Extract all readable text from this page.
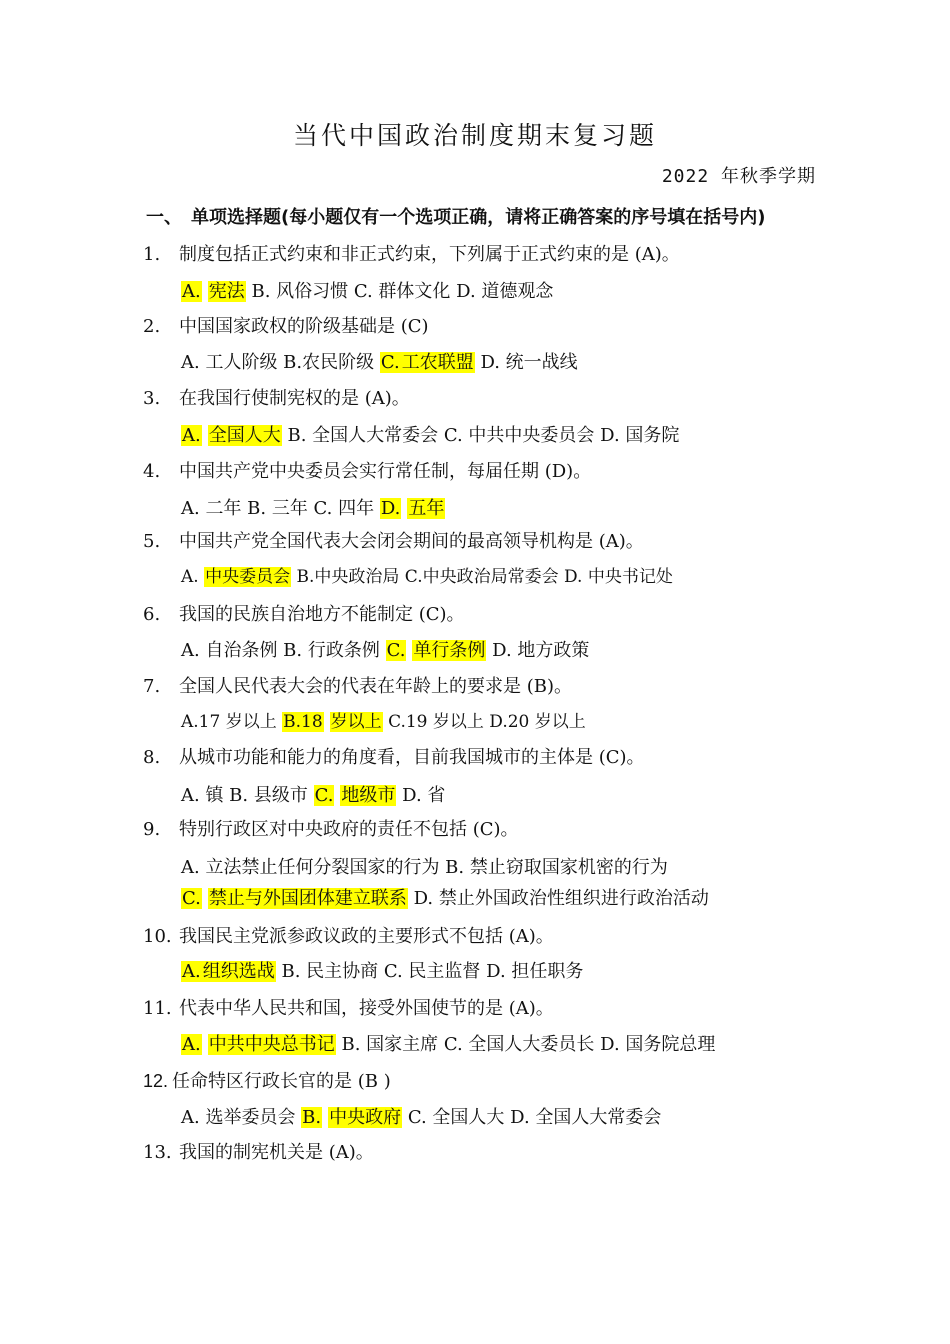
当代中国政治制度期末复习题
2022 年秋季学期
一、 单项选择题(每小题仅有一个选项正确，请将正确答案的序号填在括号内)
1. 制度包括正式约束和非正式约束，下列属于正式约束的是 (A)。
A. 宪法 B. 风俗习惯 C. 群体文化 D. 道德观念
2. 中国国家政权的阶级基础是 (C)
A. 工人阶级 B.农民阶级 C. 工农联盟 D. 统一战线
3. 在我国行使制宪权的是 (A)。
A. 全国人大 B. 全国人大常委会 C. 中共中央委员会 D. 国务院
4. 中国共产党中央委员会实行常任制，每届任期 (D)。
A. 二年 B. 三年 C. 四年 D. 五年
5. 中国共产党全国代表大会闭会期间的最高领导机构是 (A)。
A. 中央委员会 B.中央政治局 C.中央政治局常委会 D. 中央书记处
6. 我国的民族自治地方不能制定 (C)。
A. 自治条例 B. 行政条例 C. 单行条例 D. 地方政策
7. 全国人民代表大会的代表在年龄上的要求是 (B)。
A.17 岁以上 B.18 岁以上 C.19 岁以上 D.20 岁以上
8. 从城市功能和能力的角度看，目前我国城市的主体是 (C)。
A. 镇 B. 县级市 C. 地级市 D. 省
9. 特别行政区对中央政府的责任不包括 (C)。
A. 立法禁止任何分裂国家的行为 B. 禁止窃取国家机密的行为
C. 禁止与外国团体建立联系 D. 禁止外国政治性组织进行政治活动
10. 我国民主党派参政议政的主要形式不包括 (A)。
A. 组织选战 B. 民主协商 C. 民主监督 D. 担任职务
11. 代表中华人民共和国，接受外国使节的是 (A)。
A. 中共中央总书记 B. 国家主席 C. 全国人大委员长 D. 国务院总理
12. 任命特区行政长官的是 (B )
A. 选举委员会 B. 中央政府 C. 全国人大 D. 全国人大常委会
13. 我国的制宪机关是 (A)。
